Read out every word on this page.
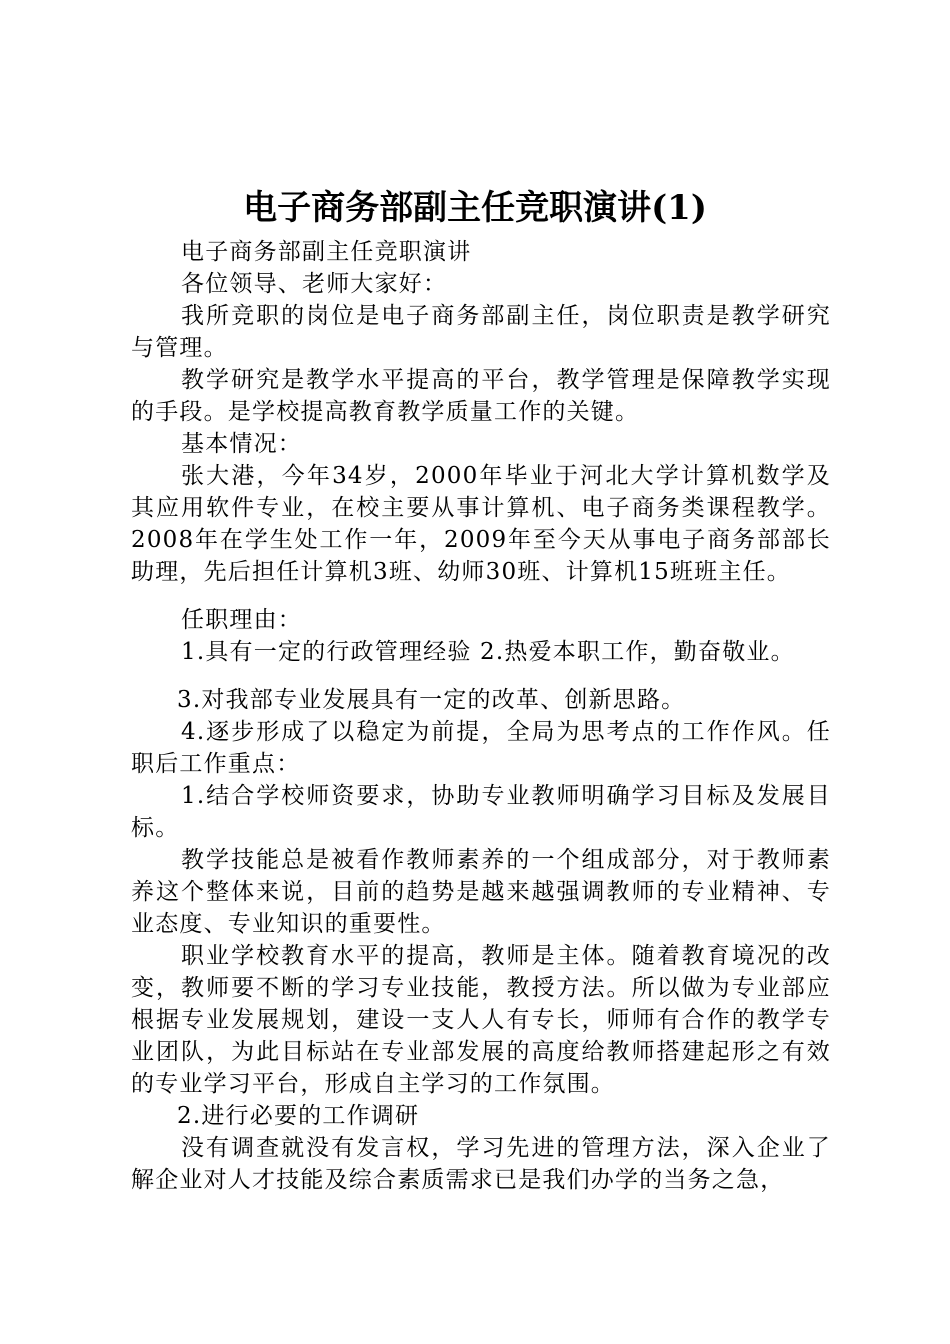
电子商务部副主任竞职演讲(1)

电子商务部副主任竞职演讲

各位领导、老师大家好：

我所竞职的岗位是电子商务部副主任，岗位职责是教学研究与管理。

教学研究是教学水平提高的平台，教学管理是保障教学实现的手段。是学校提高教育教学质量工作的关键。

基本情况：

张大港，今年34岁，2000年毕业于河北大学计算机数学及其应用软件专业，在校主要从事计算机、电子商务类课程教学。2008年在学生处工作一年，2009年至今天从事电子商务部部长助理，先后担任计算机3班、幼师30班、计算机15班班主任。

任职理由：

1.具有一定的行政管理经验 2.热爱本职工作，勤奋敬业。

3.对我部专业发展具有一定的改革、创新思路。

4.逐步形成了以稳定为前提，全局为思考点的工作作风。任职后工作重点：

1.结合学校师资要求，协助专业教师明确学习目标及发展目标。

教学技能总是被看作教师素养的一个组成部分，对于教师素养这个整体来说，目前的趋势是越来越强调教师的专业精神、专业态度、专业知识的重要性。

职业学校教育水平的提高，教师是主体。随着教育境况的改变，教师要不断的学习专业技能，教授方法。所以做为专业部应根据专业发展规划，建设一支人人有专长，师师有合作的教学专业团队，为此目标站在专业部发展的高度给教师搭建起形之有效的专业学习平台，形成自主学习的工作氛围。

2.进行必要的工作调研

没有调查就没有发言权，学习先进的管理方法，深入企业了解企业对人才技能及综合素质需求已是我们办学的当务之急，
